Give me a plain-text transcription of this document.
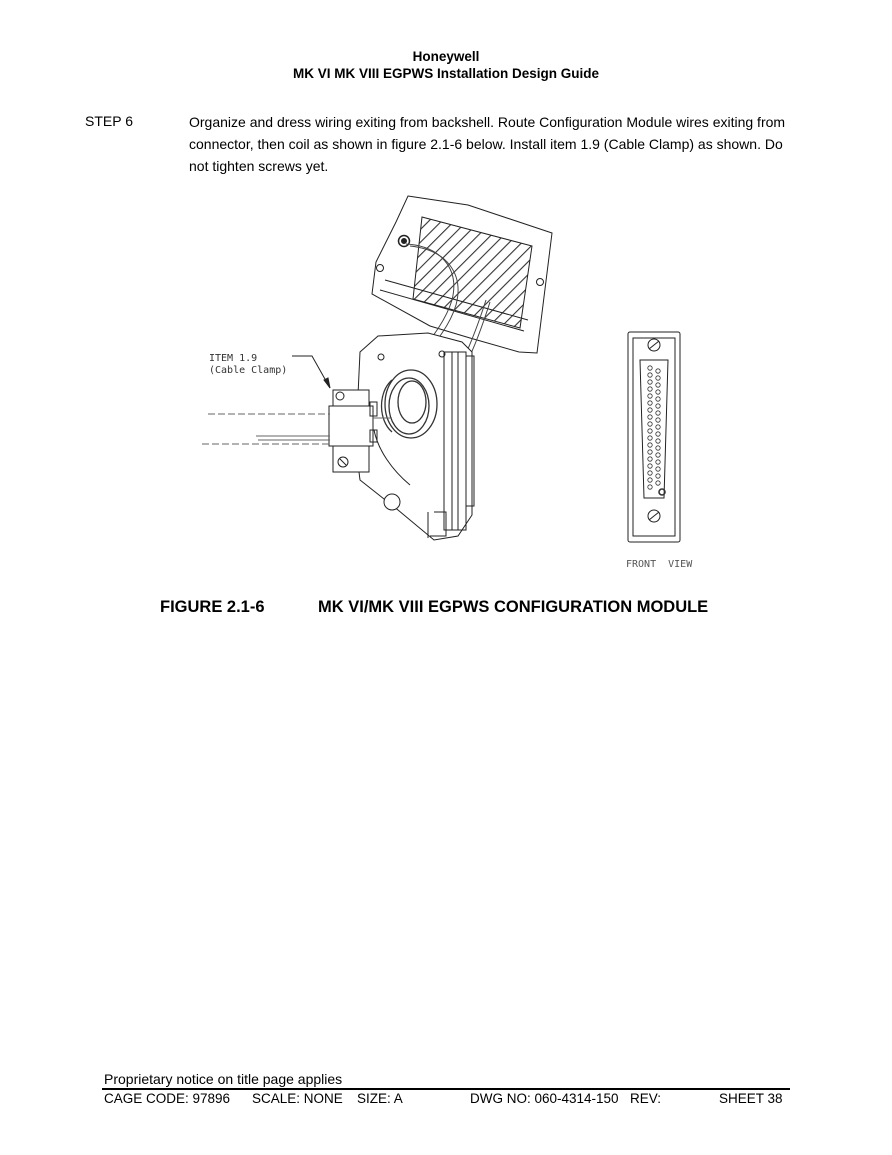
Honeywell
MK VI MK VIII EGPWS Installation Design Guide
STEP 6	Organize and dress wiring exiting from backshell. Route Configuration Module wires exiting from connector, then coil as shown in figure 2.1-6 below. Install item 1.9 (Cable Clamp) as shown. Do not tighten screws yet.
ITEM 1.9
(Cable Clamp)
FRONT  VIEW
FIGURE 2.1-6	MK VI/MK VIII EGPWS CONFIGURATION MODULE
Proprietary notice on title page applies
CAGE CODE: 97896 SCALE: NONE SIZE: A	DWG NO: 060-4314-150 REV:	SHEET 38
